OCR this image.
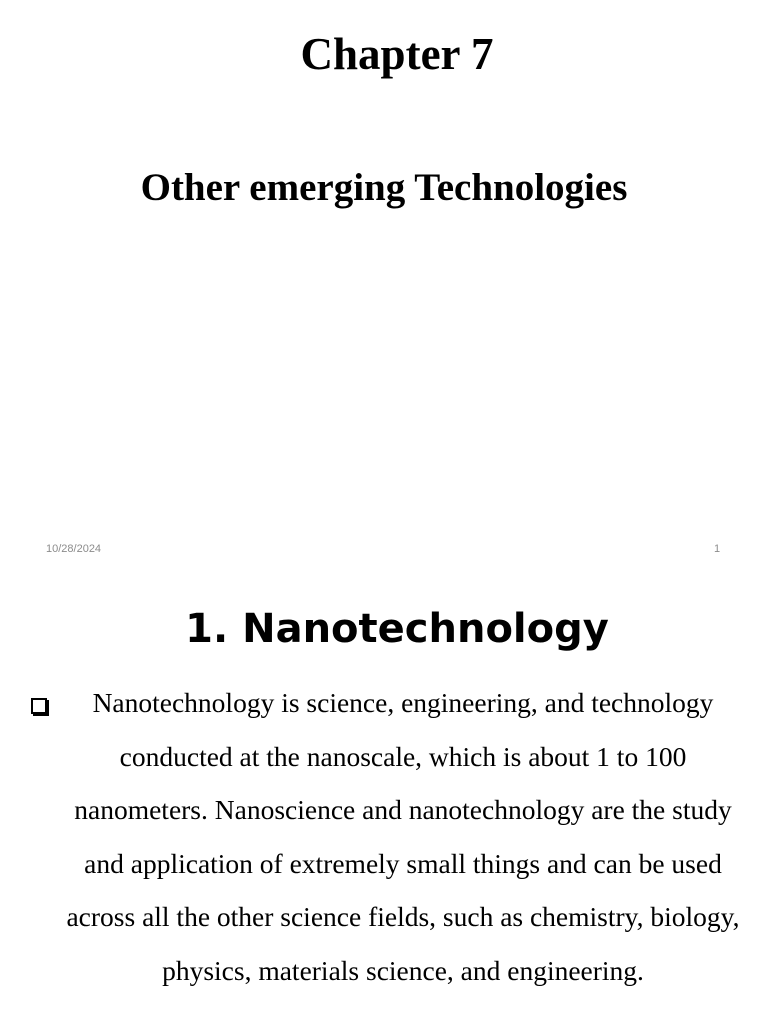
Chapter 7
Other emerging Technologies
10/28/2024	1
1. Nanotechnology

Nanotechnology is science, engineering, and technology conducted at the nanoscale, which is about 1 to 100 nanometers. Nanoscience and nanotechnology are the study and application of extremely small things and can be used across all the other science fields, such as chemistry, biology, physics, materials science, and engineering.
